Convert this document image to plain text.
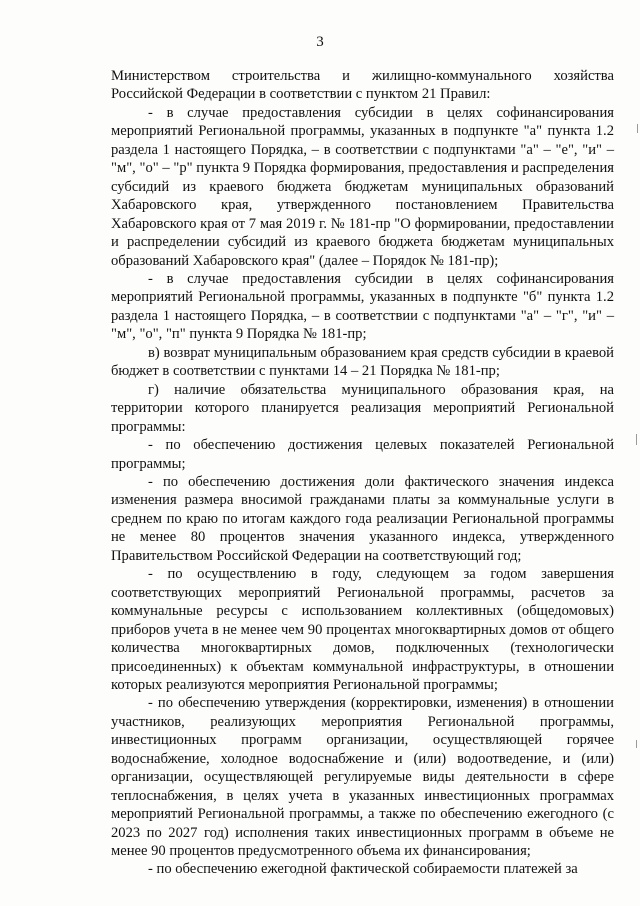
3

Министерством строительства и жилищно-коммунального хозяйства Российской Федерации в соответствии с пунктом 21 Правил:

- в случае предоставления субсидии в целях софинансирования мероприятий Региональной программы, указанных в подпункте "а" пункта 1.2 раздела 1 настоящего Порядка, – в соответствии с подпунктами "а" – "е", "и" – "м", "о" – "р" пункта 9 Порядка формирования, предоставления и распределения субсидий из краевого бюджета бюджетам муниципальных образований Хабаровского края, утвержденного постановлением Правительства Хабаровского края от 7 мая 2019 г. № 181-пр "О формировании, предоставлении и распределении субсидий из краевого бюджета бюджетам муниципальных образований Хабаровского края" (далее – Порядок № 181-пр);

- в случае предоставления субсидии в целях софинансирования мероприятий Региональной программы, указанных в подпункте "б" пункта 1.2 раздела 1 настоящего Порядка, – в соответствии с подпунктами "а" – "г", "и" – "м", "о", "п" пункта 9 Порядка № 181-пр;

в) возврат муниципальным образованием края средств субсидии в краевой бюджет в соответствии с пунктами 14 – 21 Порядка № 181-пр;

г) наличие обязательства муниципального образования края, на территории которого планируется реализация мероприятий Региональной программы:

- по обеспечению достижения целевых показателей Региональной программы;

- по обеспечению достижения доли фактического значения индекса изменения размера вносимой гражданами платы за коммунальные услуги в среднем по краю по итогам каждого года реализации Региональной программы не менее 80 процентов значения указанного индекса, утвержденного Правительством Российской Федерации на соответствующий год;

- по осуществлению в году, следующем за годом завершения соответствующих мероприятий Региональной программы, расчетов за коммунальные ресурсы с использованием коллективных (общедомовых) приборов учета в не менее чем 90 процентах многоквартирных домов от общего количества многоквартирных домов, подключенных (технологически присоединенных) к объектам коммунальной инфраструктуры, в отношении которых реализуются мероприятия Региональной программы;

- по обеспечению утверждения (корректировки, изменения) в отношении участников, реализующих мероприятия Региональной программы, инвестиционных программ организации, осуществляющей горячее водоснабжение, холодное водоснабжение и (или) водоотведение, и (или) организации, осуществляющей регулируемые виды деятельности в сфере теплоснабжения, в целях учета в указанных инвестиционных программах мероприятий Региональной программы, а также по обеспечению ежегодного (с 2023 по 2027 год) исполнения таких инвестиционных программ в объеме не менее 90 процентов предусмотренного объема их финансирования;

- по обеспечению ежегодной фактической собираемости платежей за
